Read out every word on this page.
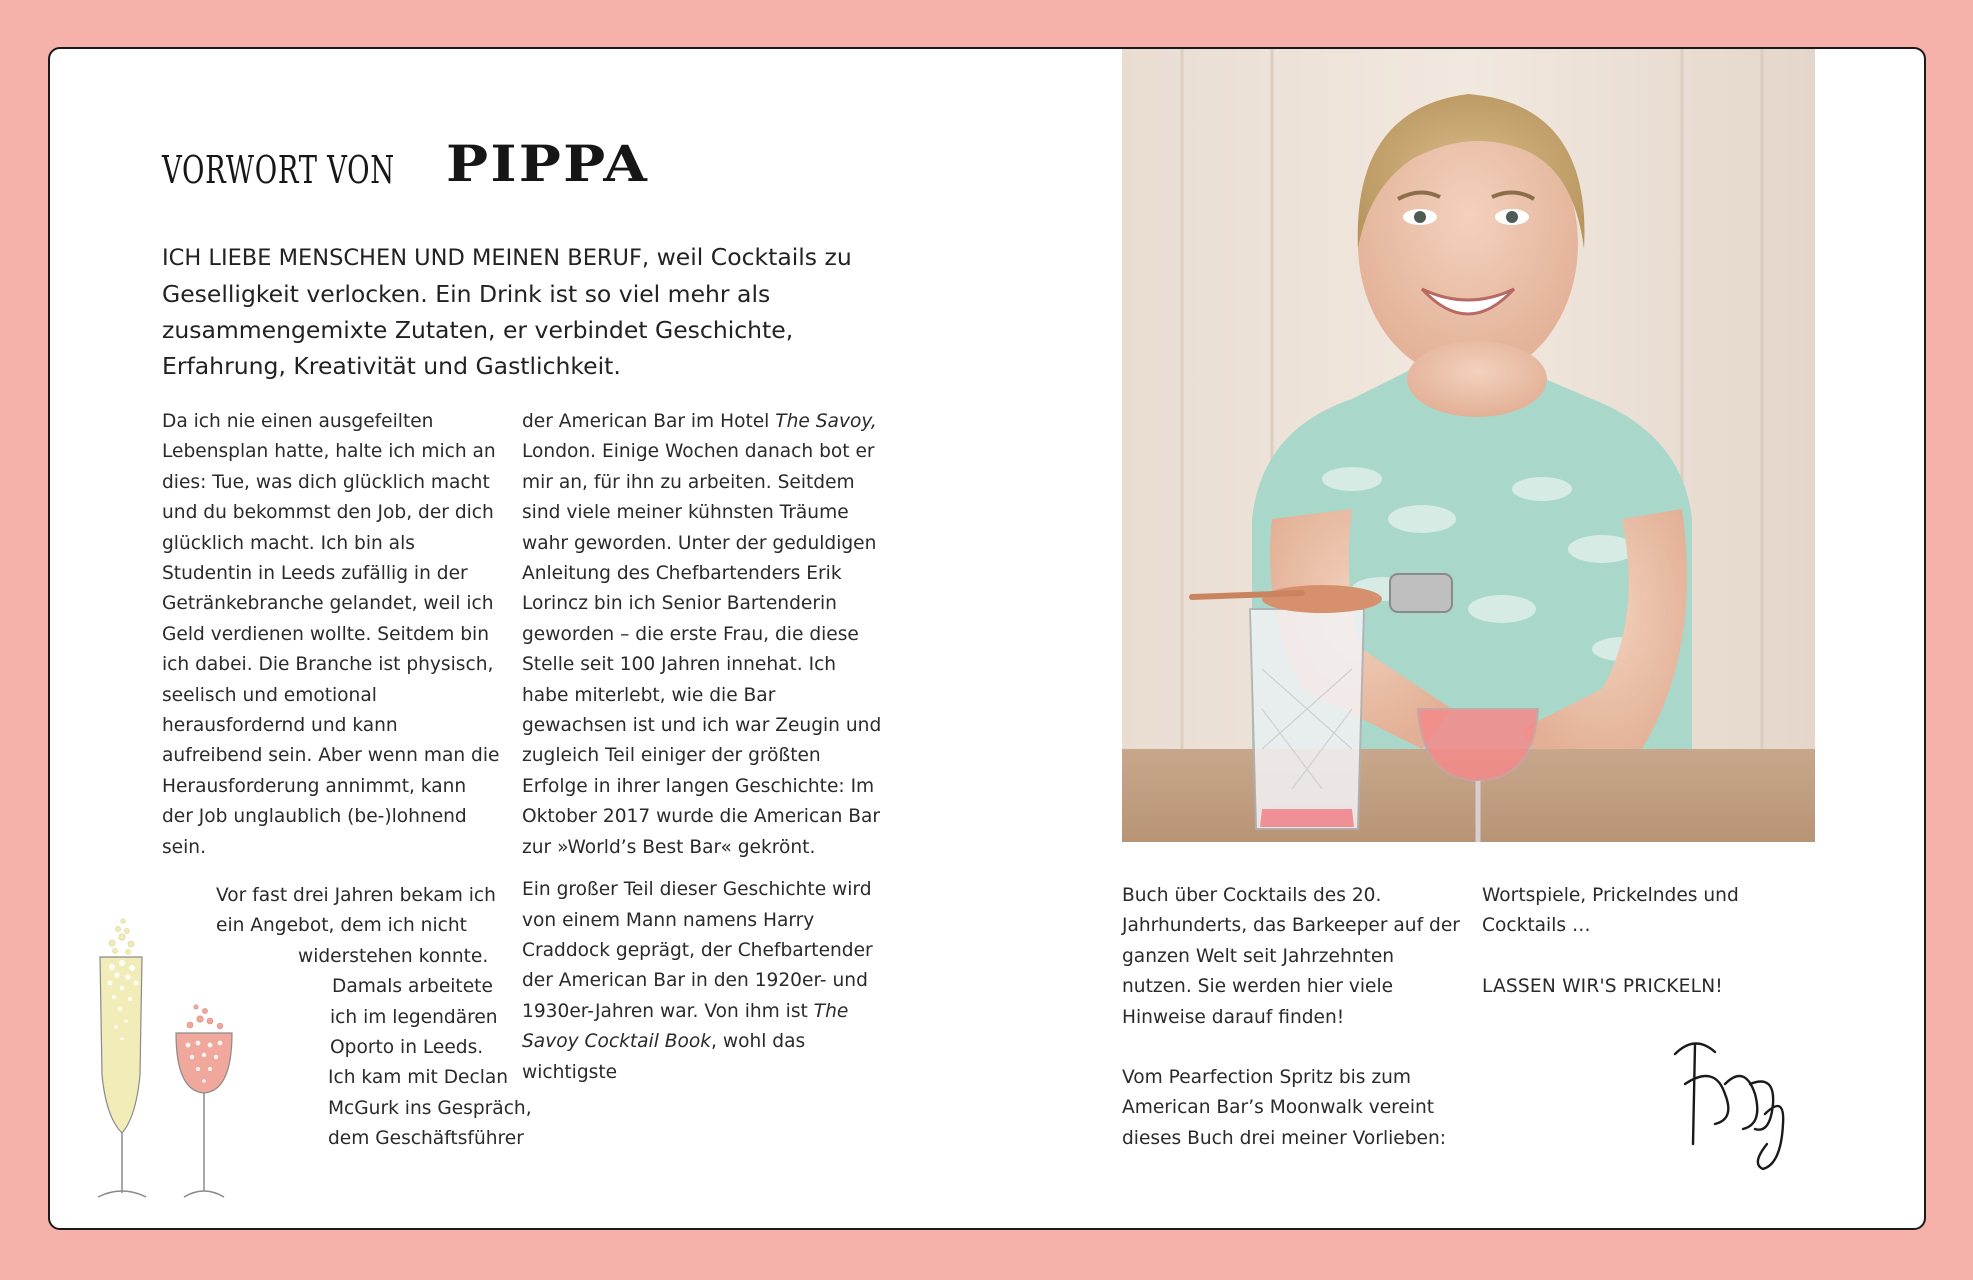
VORWORT VON PIPPA
ICH LIEBE MENSCHEN UND MEINEN BERUF, weil Cocktails zu Geselligkeit verlocken. Ein Drink ist so viel mehr als zusammengemixte Zutaten, er verbindet Geschichte, Erfahrung, Kreativität und Gastlichkeit.

Da ich nie einen ausgefeilten Lebensplan hatte, halte ich mich an dies: Tue, was dich glücklich macht und du bekommst den Job, der dich glücklich macht. Ich bin als Studentin in Leeds zufällig in der Getränkebranche gelandet, weil ich Geld verdienen wollte. Seitdem bin ich dabei. Die Branche ist physisch, seelisch und emotional herausfordernd und kann aufreibend sein. Aber wenn man die Herausforderung annimmt, kann der Job unglaublich (be-)lohnend sein.

Vor fast drei Jahren bekam ich
ein Angebot, dem ich nicht
widerstehen konnte.
Damals arbeitete
ich im legendären
Oporto in Leeds.
Ich kam mit Declan
McGurk ins Gespräch,
dem Geschäftsführer

der American Bar im Hotel The Savoy, London. Einige Wochen danach bot er mir an, für ihn zu arbeiten. Seitdem sind viele meiner kühnsten Träume wahr geworden. Unter der geduldigen Anleitung des Chefbartenders Erik Lorincz bin ich Senior Bartenderin geworden – die erste Frau, die diese Stelle seit 100 Jahren innehat. Ich habe miterlebt, wie die Bar gewachsen ist und ich war Zeugin und zugleich Teil einiger der größten Erfolge in ihrer langen Geschichte: Im Oktober 2017 wurde die American Bar zur »World’s Best Bar« gekrönt.

Ein großer Teil dieser Geschichte wird von einem Mann namens Harry Craddock geprägt, der Chefbartender der American Bar in den 1920er- und 1930er-Jahren war. Von ihm ist The Savoy Cocktail Book, wohl das wichtigste

Buch über Cocktails des 20. Jahrhunderts, das Barkeeper auf der ganzen Welt seit Jahrzehnten nutzen. Sie werden hier viele Hinweise darauf finden!

Vom Pearfection Spritz bis zum American Bar’s Moonwalk vereint dieses Buch drei meiner Vorlieben:

Wortspiele, Prickelndes und Cocktails …

LASSEN WIR'S PRICKELN!
